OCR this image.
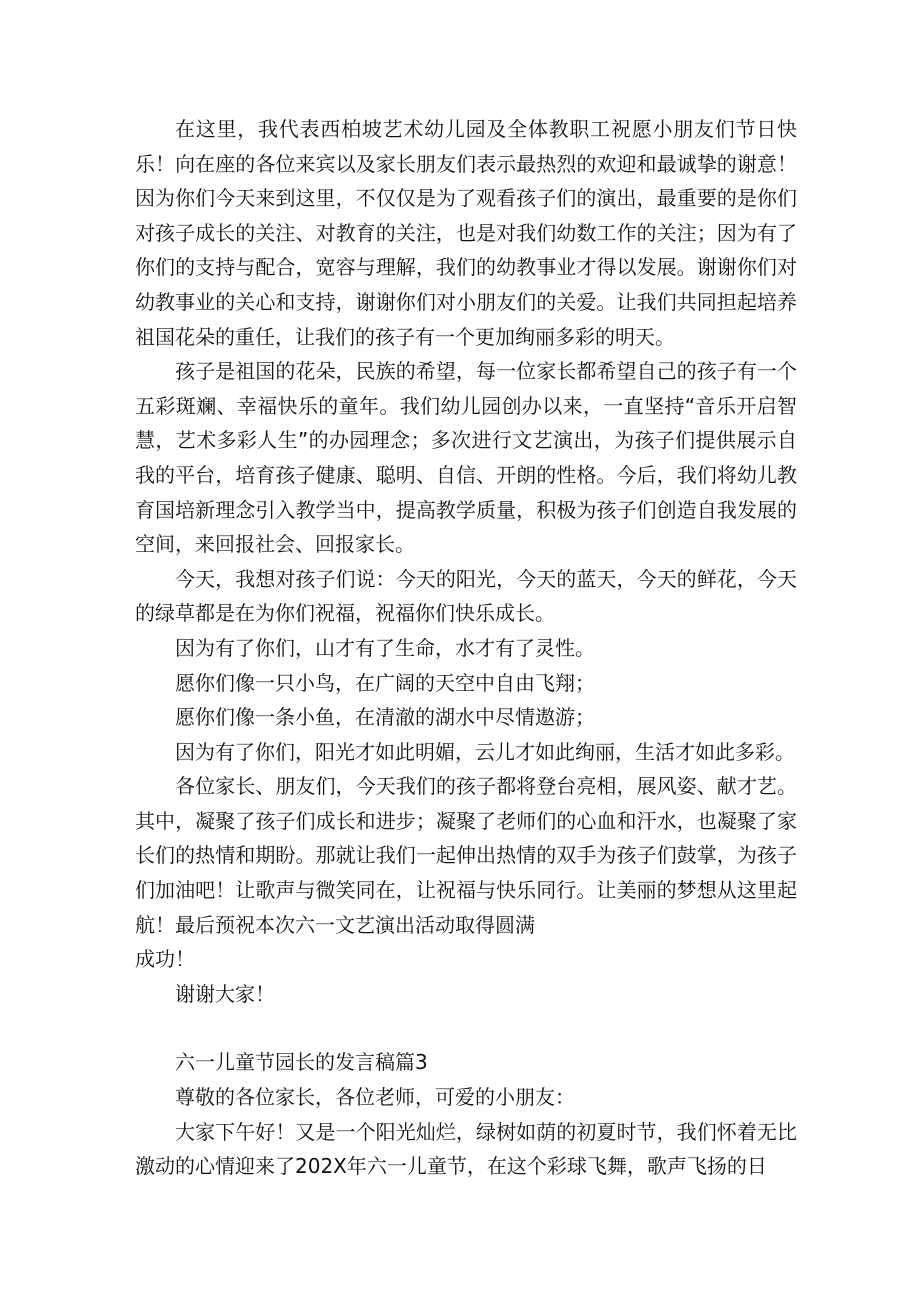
在这里，我代表西柏坡艺术幼儿园及全体教职工祝愿小朋友们节日快乐！向在座的各位来宾以及家长朋友们表示最热烈的欢迎和最诚挚的谢意！因为你们今天来到这里，不仅仅是为了观看孩子们的演出，最重要的是你们对孩子成长的关注、对教育的关注，也是对我们幼数工作的关注；因为有了你们的支持与配合，宽容与理解，我们的幼教事业才得以发展。谢谢你们对幼教事业的关心和支持，谢谢你们对小朋友们的关爱。让我们共同担起培养祖国花朵的重任，让我们的孩子有一个更加绚丽多彩的明天。

孩子是祖国的花朵，民族的希望，每一位家长都希望自己的孩子有一个五彩斑斓、幸福快乐的童年。我们幼儿园创办以来，一直坚持“音乐开启智慧，艺术多彩人生”的办园理念；多次进行文艺演出，为孩子们提供展示自我的平台，培育孩子健康、聪明、自信、开朗的性格。今后，我们将幼儿教育国培新理念引入教学当中，提高教学质量，积极为孩子们创造自我发展的空间，来回报社会、回报家长。

今天，我想对孩子们说：今天的阳光，今天的蓝天，今天的鲜花，今天的绿草都是在为你们祝福，祝福你们快乐成长。

因为有了你们，山才有了生命，水才有了灵性。

愿你们像一只小鸟，在广阔的天空中自由飞翔；

愿你们像一条小鱼，在清澈的湖水中尽情遨游；

因为有了你们，阳光才如此明媚，云儿才如此绚丽，生活才如此多彩。

各位家长、朋友们，今天我们的孩子都将登台亮相，展风姿、献才艺。其中，凝聚了孩子们成长和进步；凝聚了老师们的心血和汗水，也凝聚了家长们的热情和期盼。那就让我们一起伸出热情的双手为孩子们鼓掌，为孩子们加油吧！让歌声与微笑同在，让祝福与快乐同行。让美丽的梦想从这里起航！最后预祝本次六一文艺演出活动取得圆满

成功！

谢谢大家！

六一儿童节园长的发言稿篇3

尊敬的各位家长，各位老师，可爱的小朋友：

大家下午好！又是一个阳光灿烂，绿树如荫的初夏时节，我们怀着无比激动的心情迎来了202X年六一儿童节，在这个彩球飞舞，歌声飞扬的日
